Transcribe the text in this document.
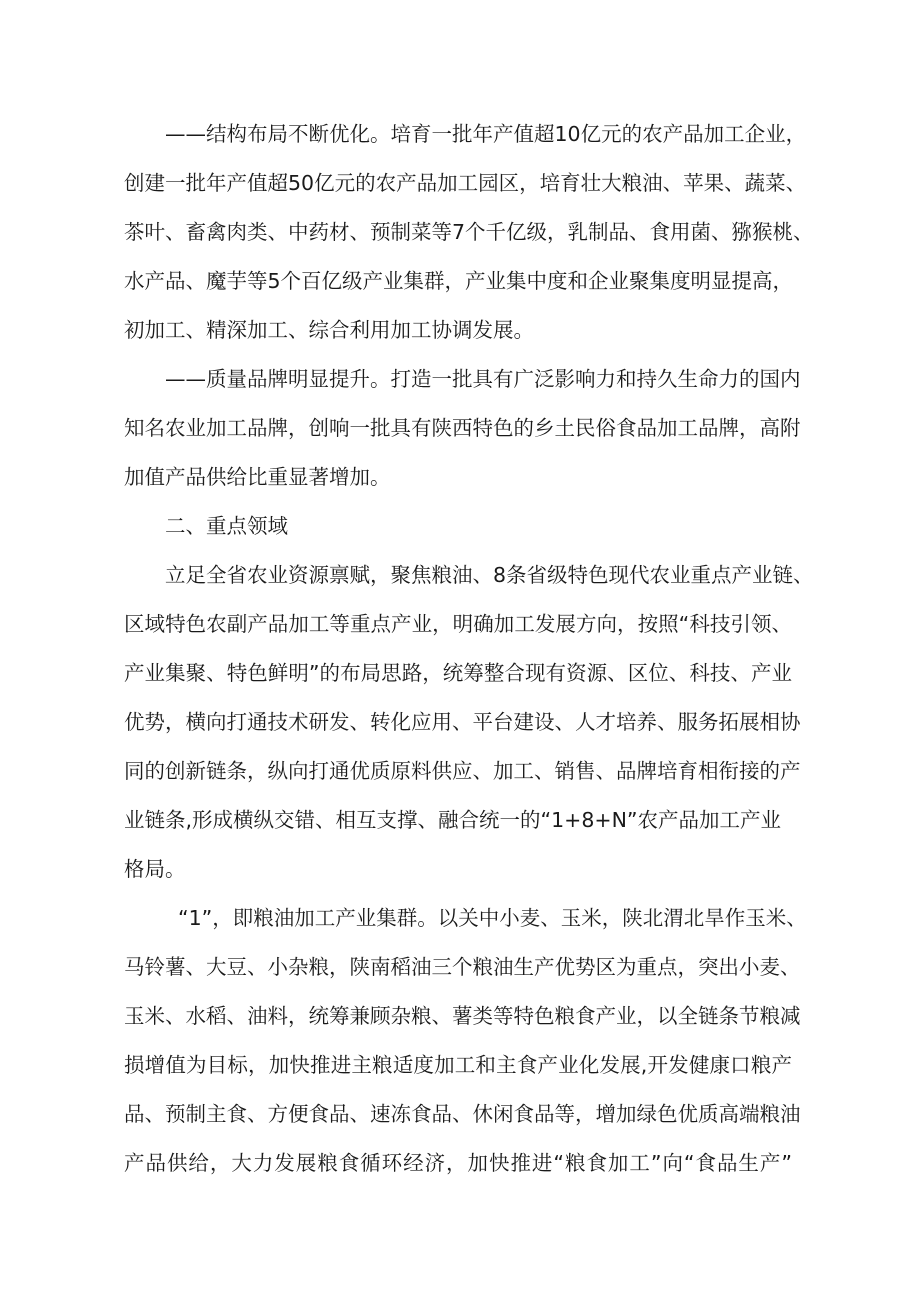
——结构布局不断优化。培育一批年产值超10亿元的农产品加工企业，
创建一批年产值超50亿元的农产品加工园区，培育壮大粮油、苹果、蔬菜、
茶叶、畜禽肉类、中药材、预制菜等7个千亿级，乳制品、食用菌、猕猴桃、
水产品、魔芋等5个百亿级产业集群，产业集中度和企业聚集度明显提高，
初加工、精深加工、综合利用加工协调发展。
——质量品牌明显提升。打造一批具有广泛影响力和持久生命力的国内
知名农业加工品牌，创响一批具有陕西特色的乡土民俗食品加工品牌，高附
加值产品供给比重显著增加。
二、重点领域
立足全省农业资源禀赋，聚焦粮油、8条省级特色现代农业重点产业链、
区域特色农副产品加工等重点产业，明确加工发展方向，按照“科技引领、
产业集聚、特色鲜明”的布局思路，统筹整合现有资源、区位、科技、产业
优势，横向打通技术研发、转化应用、平台建设、人才培养、服务拓展相协
同的创新链条，纵向打通优质原料供应、加工、销售、品牌培育相衔接的产
业链条,形成横纵交错、相互支撑、融合统一的“1+8+N”农产品加工产业
格局。
“1”，即粮油加工产业集群。以关中小麦、玉米，陕北渭北旱作玉米、
马铃薯、大豆、小杂粮，陕南稻油三个粮油生产优势区为重点，突出小麦、
玉米、水稻、油料，统筹兼顾杂粮、薯类等特色粮食产业，以全链条节粮减
损增值为目标，加快推进主粮适度加工和主食产业化发展,开发健康口粮产
品、预制主食、方便食品、速冻食品、休闲食品等，增加绿色优质高端粮油
产品供给，大力发展粮食循环经济，加快推进“粮食加工”向“食品生产”
